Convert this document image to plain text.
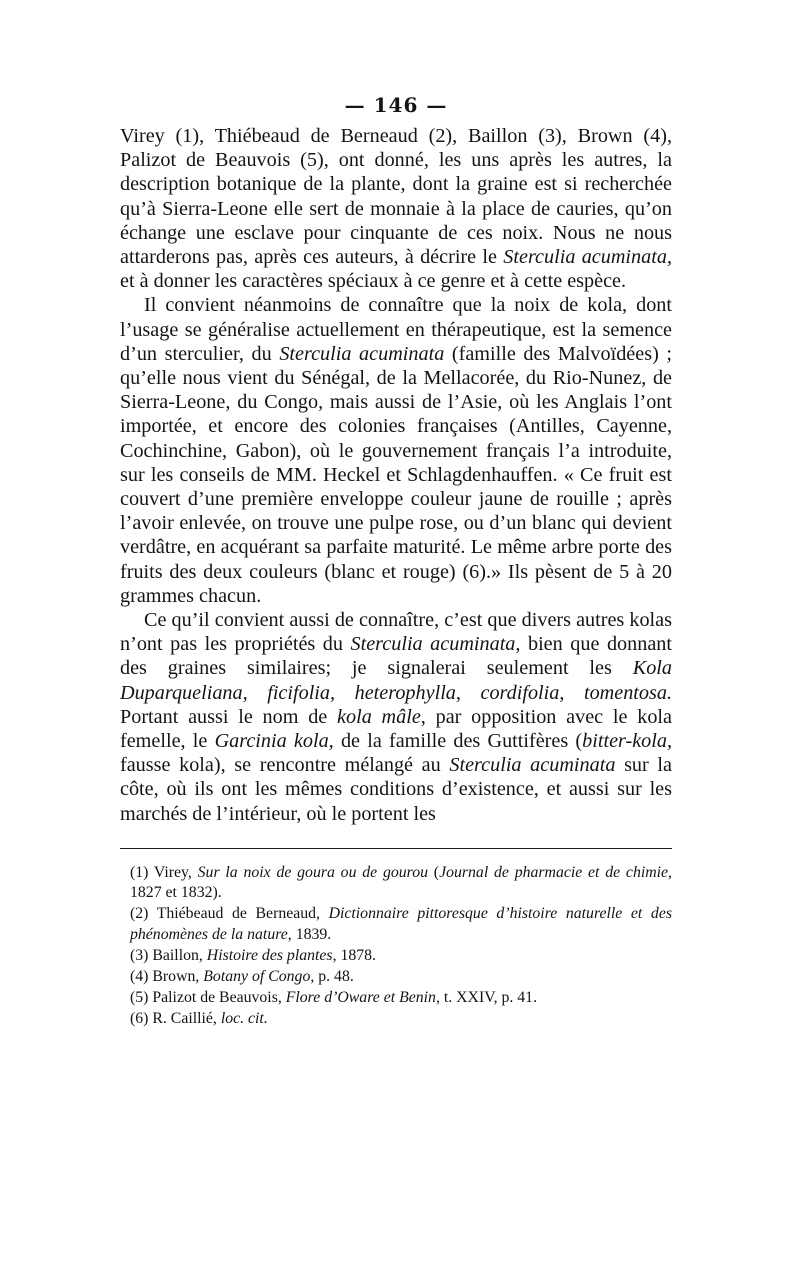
— 146 —

Virey (1), Thiébeaud de Berneaud (2), Baillon (3), Brown (4), Palizot de Beauvois (5), ont donné, les uns après les autres, la description botanique de la plante, dont la graine est si recherchée qu’à Sierra-Leone elle sert de monnaie à la place de cauries, qu’on échange une esclave pour cinquante de ces noix. Nous ne nous attarderons pas, après ces auteurs, à décrire le Sterculia acuminata, et à donner les caractères spéciaux à ce genre et à cette espèce.

Il convient néanmoins de connaître que la noix de kola, dont l’usage se généralise actuellement en thérapeutique, est la semence d’un sterculier, du Sterculia acuminata (famille des Malvoïdées) ; qu’elle nous vient du Sénégal, de la Mellacorée, du Rio-Nunez, de Sierra-Leone, du Congo, mais aussi de l’Asie, où les Anglais l’ont importée, et encore des colonies françaises (Antilles, Cayenne, Cochinchine, Gabon), où le gouvernement français l’a introduite, sur les conseils de MM. Heckel et Schlagdenhauffen. « Ce fruit est couvert d’une première enveloppe couleur jaune de rouille ; après l’avoir enlevée, on trouve une pulpe rose, ou d’un blanc qui devient verdâtre, en acquérant sa parfaite maturité. Le même arbre porte des fruits des deux couleurs (blanc et rouge) (6).» Ils pèsent de 5 à 20 grammes chacun.

Ce qu’il convient aussi de connaître, c’est que divers autres kolas n’ont pas les propriétés du Sterculia acuminata, bien que donnant des graines similaires; je signalerai seulement les Kola Duparqueliana, ficifolia, heterophylla, cordifolia, tomentosa. Portant aussi le nom de kola mâle, par opposition avec le kola femelle, le Garcinia kola, de la famille des Guttifères (bitter-kola, fausse kola), se rencontre mélangé au Sterculia acuminata sur la côte, où ils ont les mêmes conditions d’existence, et aussi sur les marchés de l’intérieur, où le portent les

(1) Virey, Sur la noix de goura ou de gourou (Journal de pharmacie et de chimie, 1827 et 1832).

(2) Thiébeaud de Berneaud, Dictionnaire pittoresque d’histoire naturelle et des phénomènes de la nature, 1839.

(3) Baillon, Histoire des plantes, 1878.

(4) Brown, Botany of Congo, p. 48.

(5) Palizot de Beauvois, Flore d’Oware et Benin, t. XXIV, p. 41.

(6) R. Caillié, loc. cit.
